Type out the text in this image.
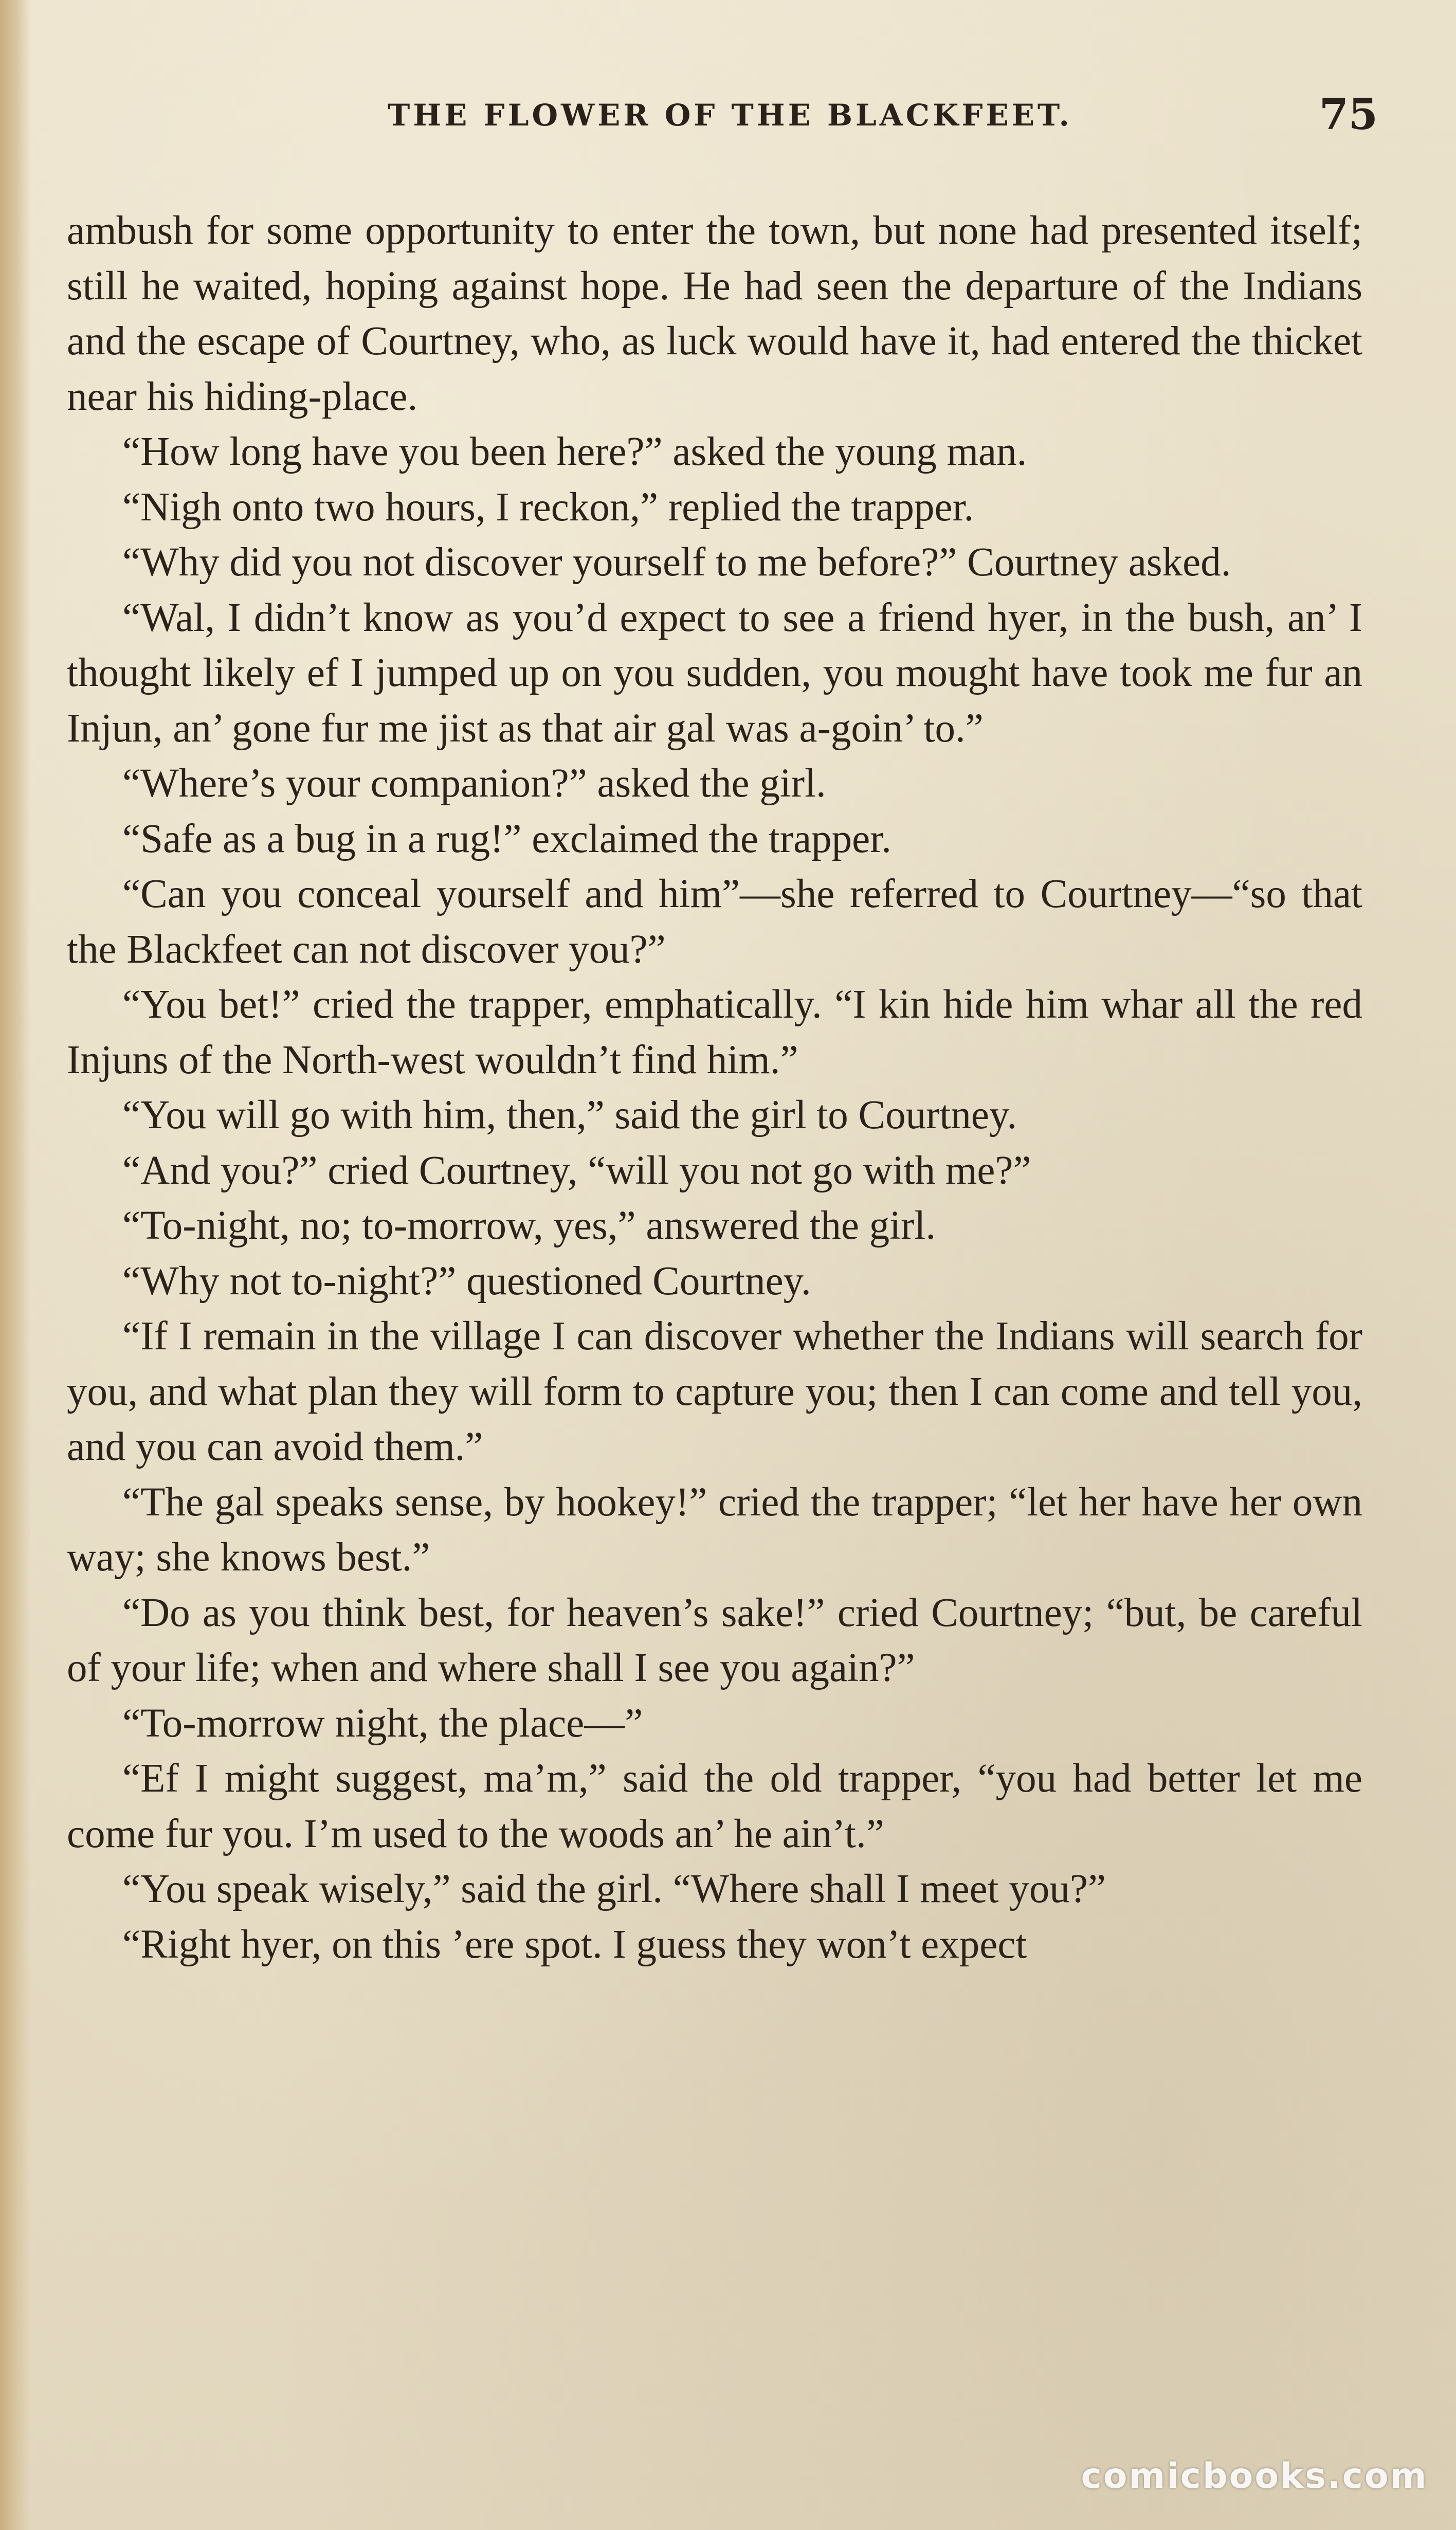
THE FLOWER OF THE BLACKFEET.	75

ambush for some opportunity to enter the town, but none had presented itself; still he waited, hoping against hope. He had seen the departure of the Indians and the escape of Courtney, who, as luck would have it, had entered the thicket near his hiding-place.

“How long have you been here?” asked the young man.

“Nigh onto two hours, I reckon,” replied the trapper.

“Why did you not discover yourself to me before?” Courtney asked.

“Wal, I didn’t know as you’d expect to see a friend hyer, in the bush, an’ I thought likely ef I jumped up on you sudden, you mought have took me fur an Injun, an’ gone fur me jist as that air gal was a-goin’ to.”

“Where’s your companion?” asked the girl.

“Safe as a bug in a rug!” exclaimed the trapper.

“Can you conceal yourself and him”—she referred to Courtney—“so that the Blackfeet can not discover you?”

“You bet!” cried the trapper, emphatically. “I kin hide him whar all the red Injuns of the North-west wouldn’t find him.”

“You will go with him, then,” said the girl to Courtney.

“And you?” cried Courtney, “will you not go with me?”

“To-night, no; to-morrow, yes,” answered the girl.

“Why not to-night?” questioned Courtney.

“If I remain in the village I can discover whether the Indians will search for you, and what plan they will form to capture you; then I can come and tell you, and you can avoid them.”

“The gal speaks sense, by hookey!” cried the trapper; “let her have her own way; she knows best.”

“Do as you think best, for heaven’s sake!” cried Courtney; “but, be careful of your life; when and where shall I see you again?”

“To-morrow night, the place—”

“Ef I might suggest, ma’m,” said the old trapper, “you had better let me come fur you. I’m used to the woods an’ he ain’t.”

“You speak wisely,” said the girl. “Where shall I meet you?”

“Right hyer, on this ’ere spot. I guess they won’t expect

comicbooks.com
